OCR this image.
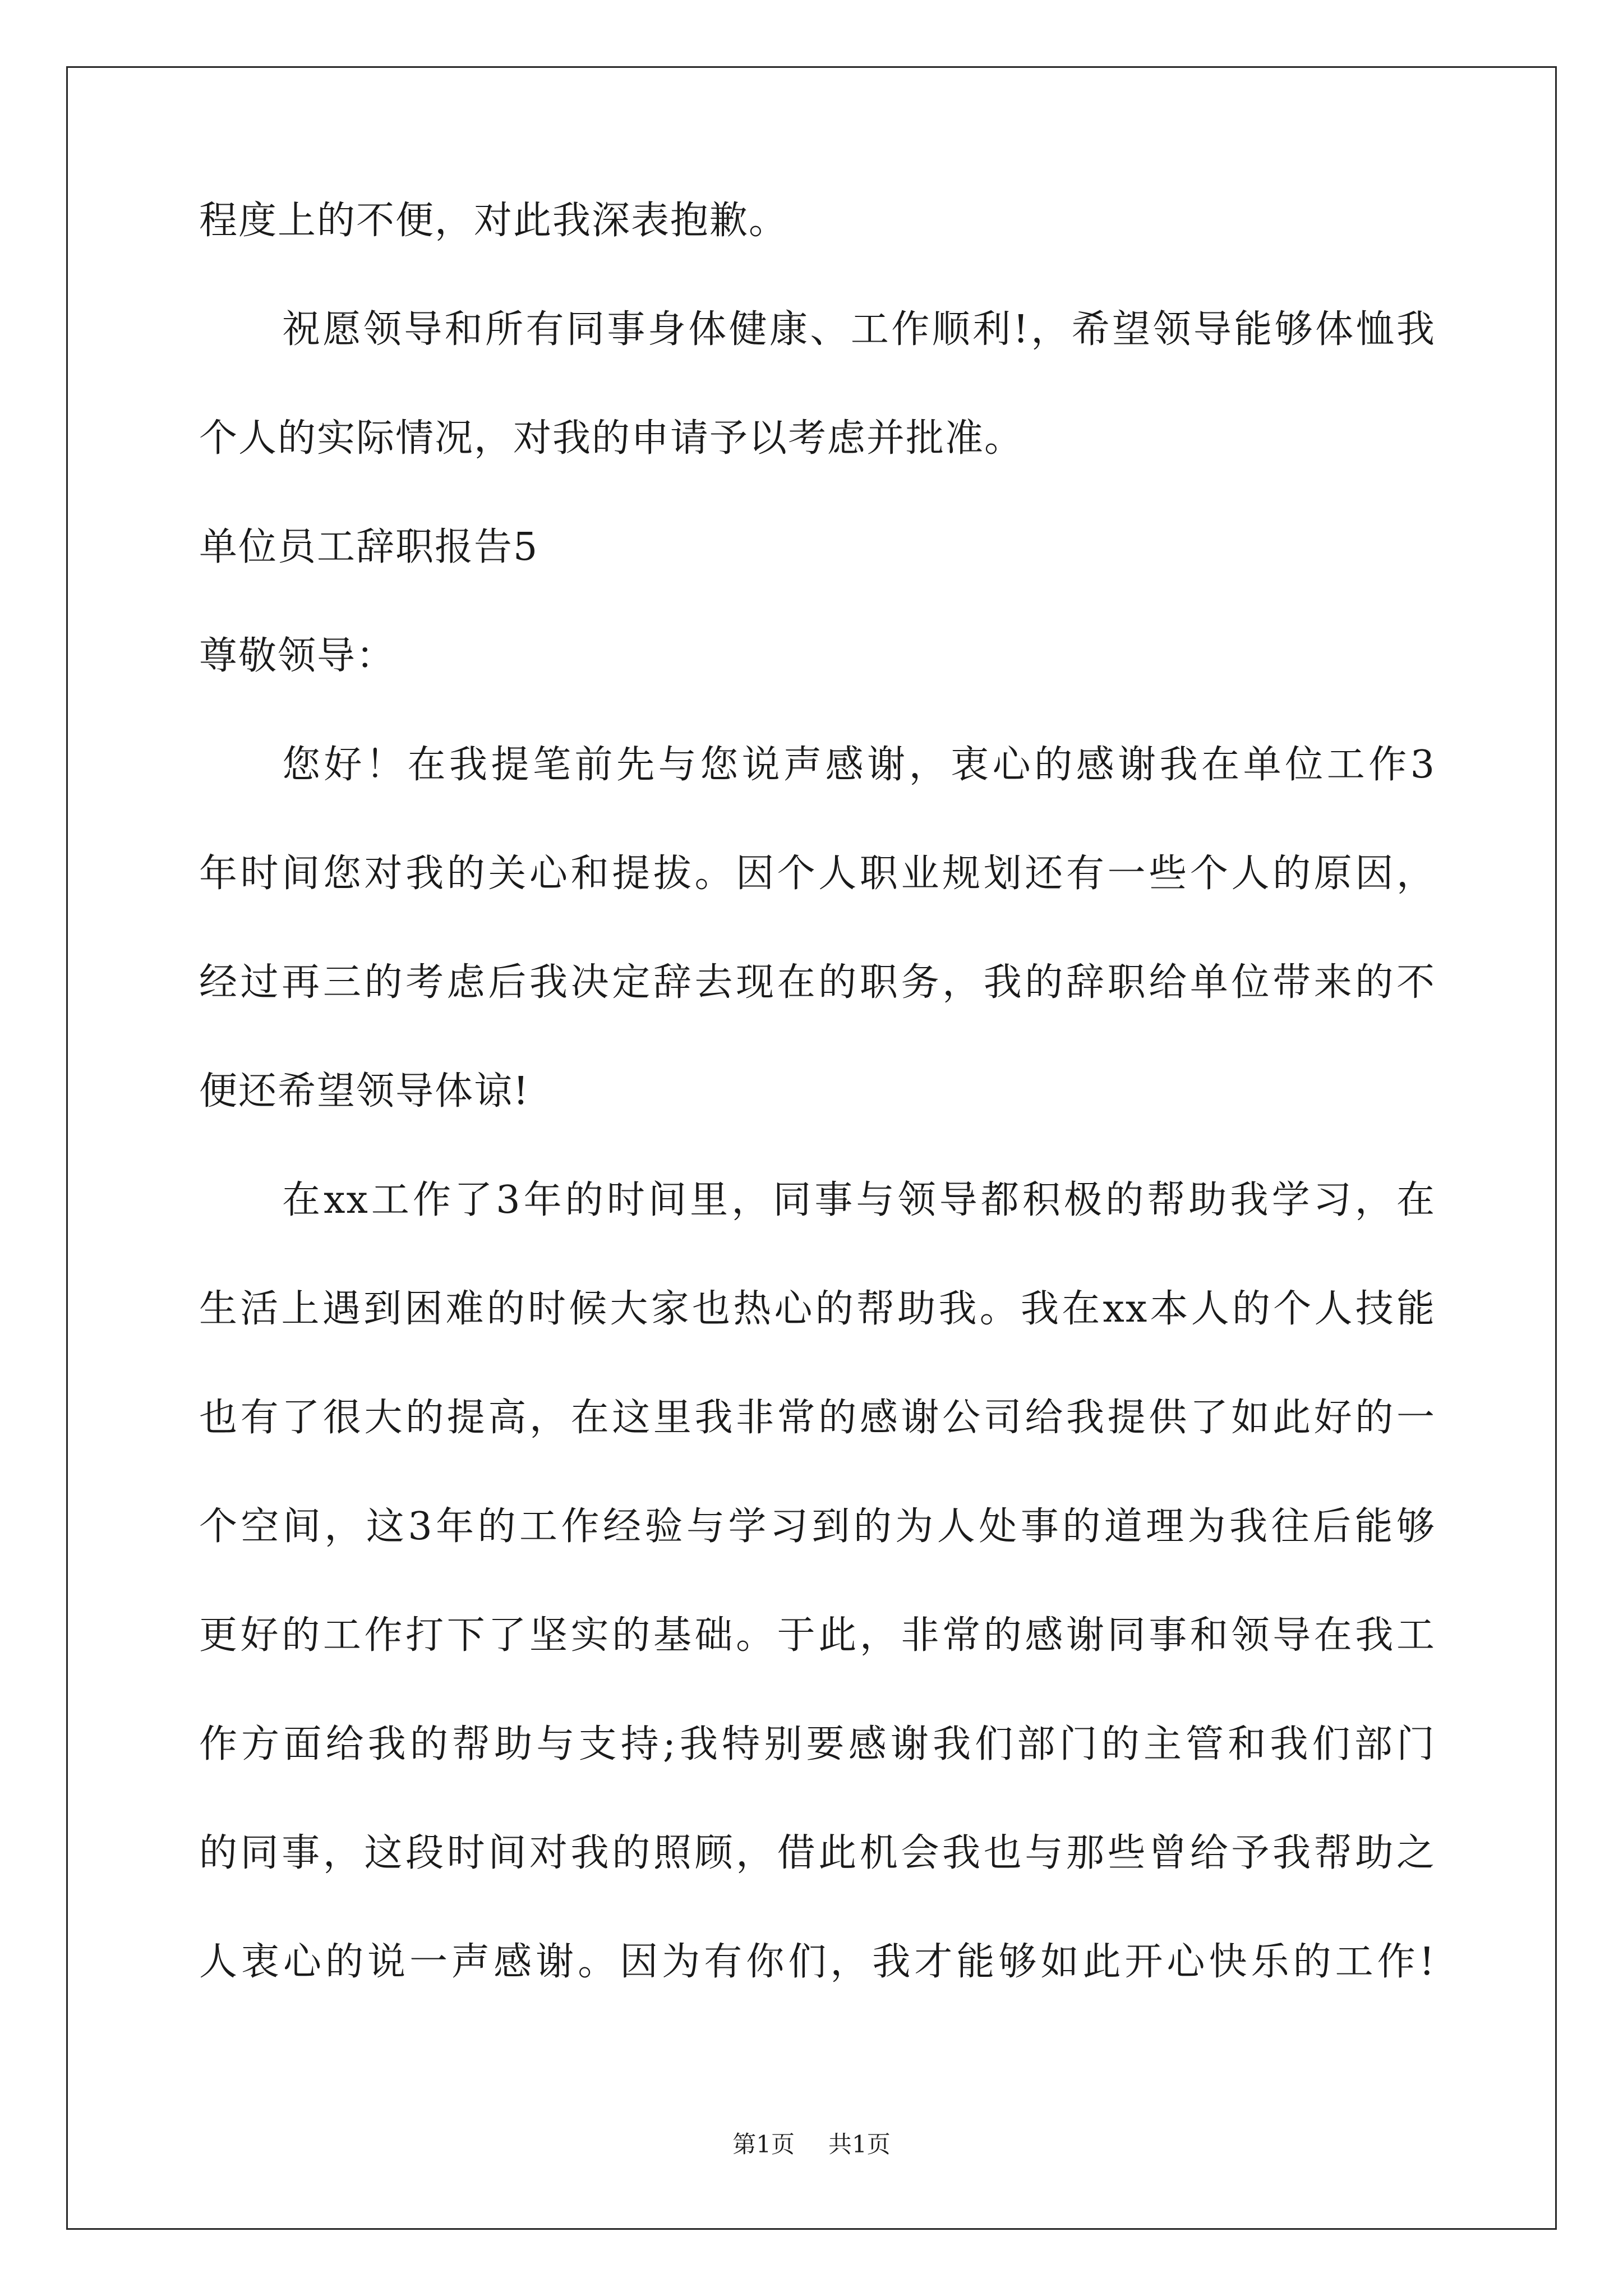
程度上的不便，对此我深表抱歉。

祝愿领导和所有同事身体健康、工作顺利!，希望领导能够体恤我

个人的实际情况，对我的申请予以考虑并批准。

单位员工辞职报告5

尊敬领导：

您好！在我提笔前先与您说声感谢，衷心的感谢我在单位工作3

年时间您对我的关心和提拔。因个人职业规划还有一些个人的原因，

经过再三的考虑后我决定辞去现在的职务，我的辞职给单位带来的不

便还希望领导体谅!

在xx工作了3年的时间里，同事与领导都积极的帮助我学习，在

生活上遇到困难的时候大家也热心的帮助我。我在xx本人的个人技能

也有了很大的提高，在这里我非常的感谢公司给我提供了如此好的一

个空间，这3年的工作经验与学习到的为人处事的道理为我往后能够

更好的工作打下了坚实的基础。于此，非常的感谢同事和领导在我工

作方面给我的帮助与支持;我特别要感谢我们部门的主管和我们部门

的同事，这段时间对我的照顾，借此机会我也与那些曾给予我帮助之

人衷心的说一声感谢。因为有你们，我才能够如此开心快乐的工作!

第1页 共1页
